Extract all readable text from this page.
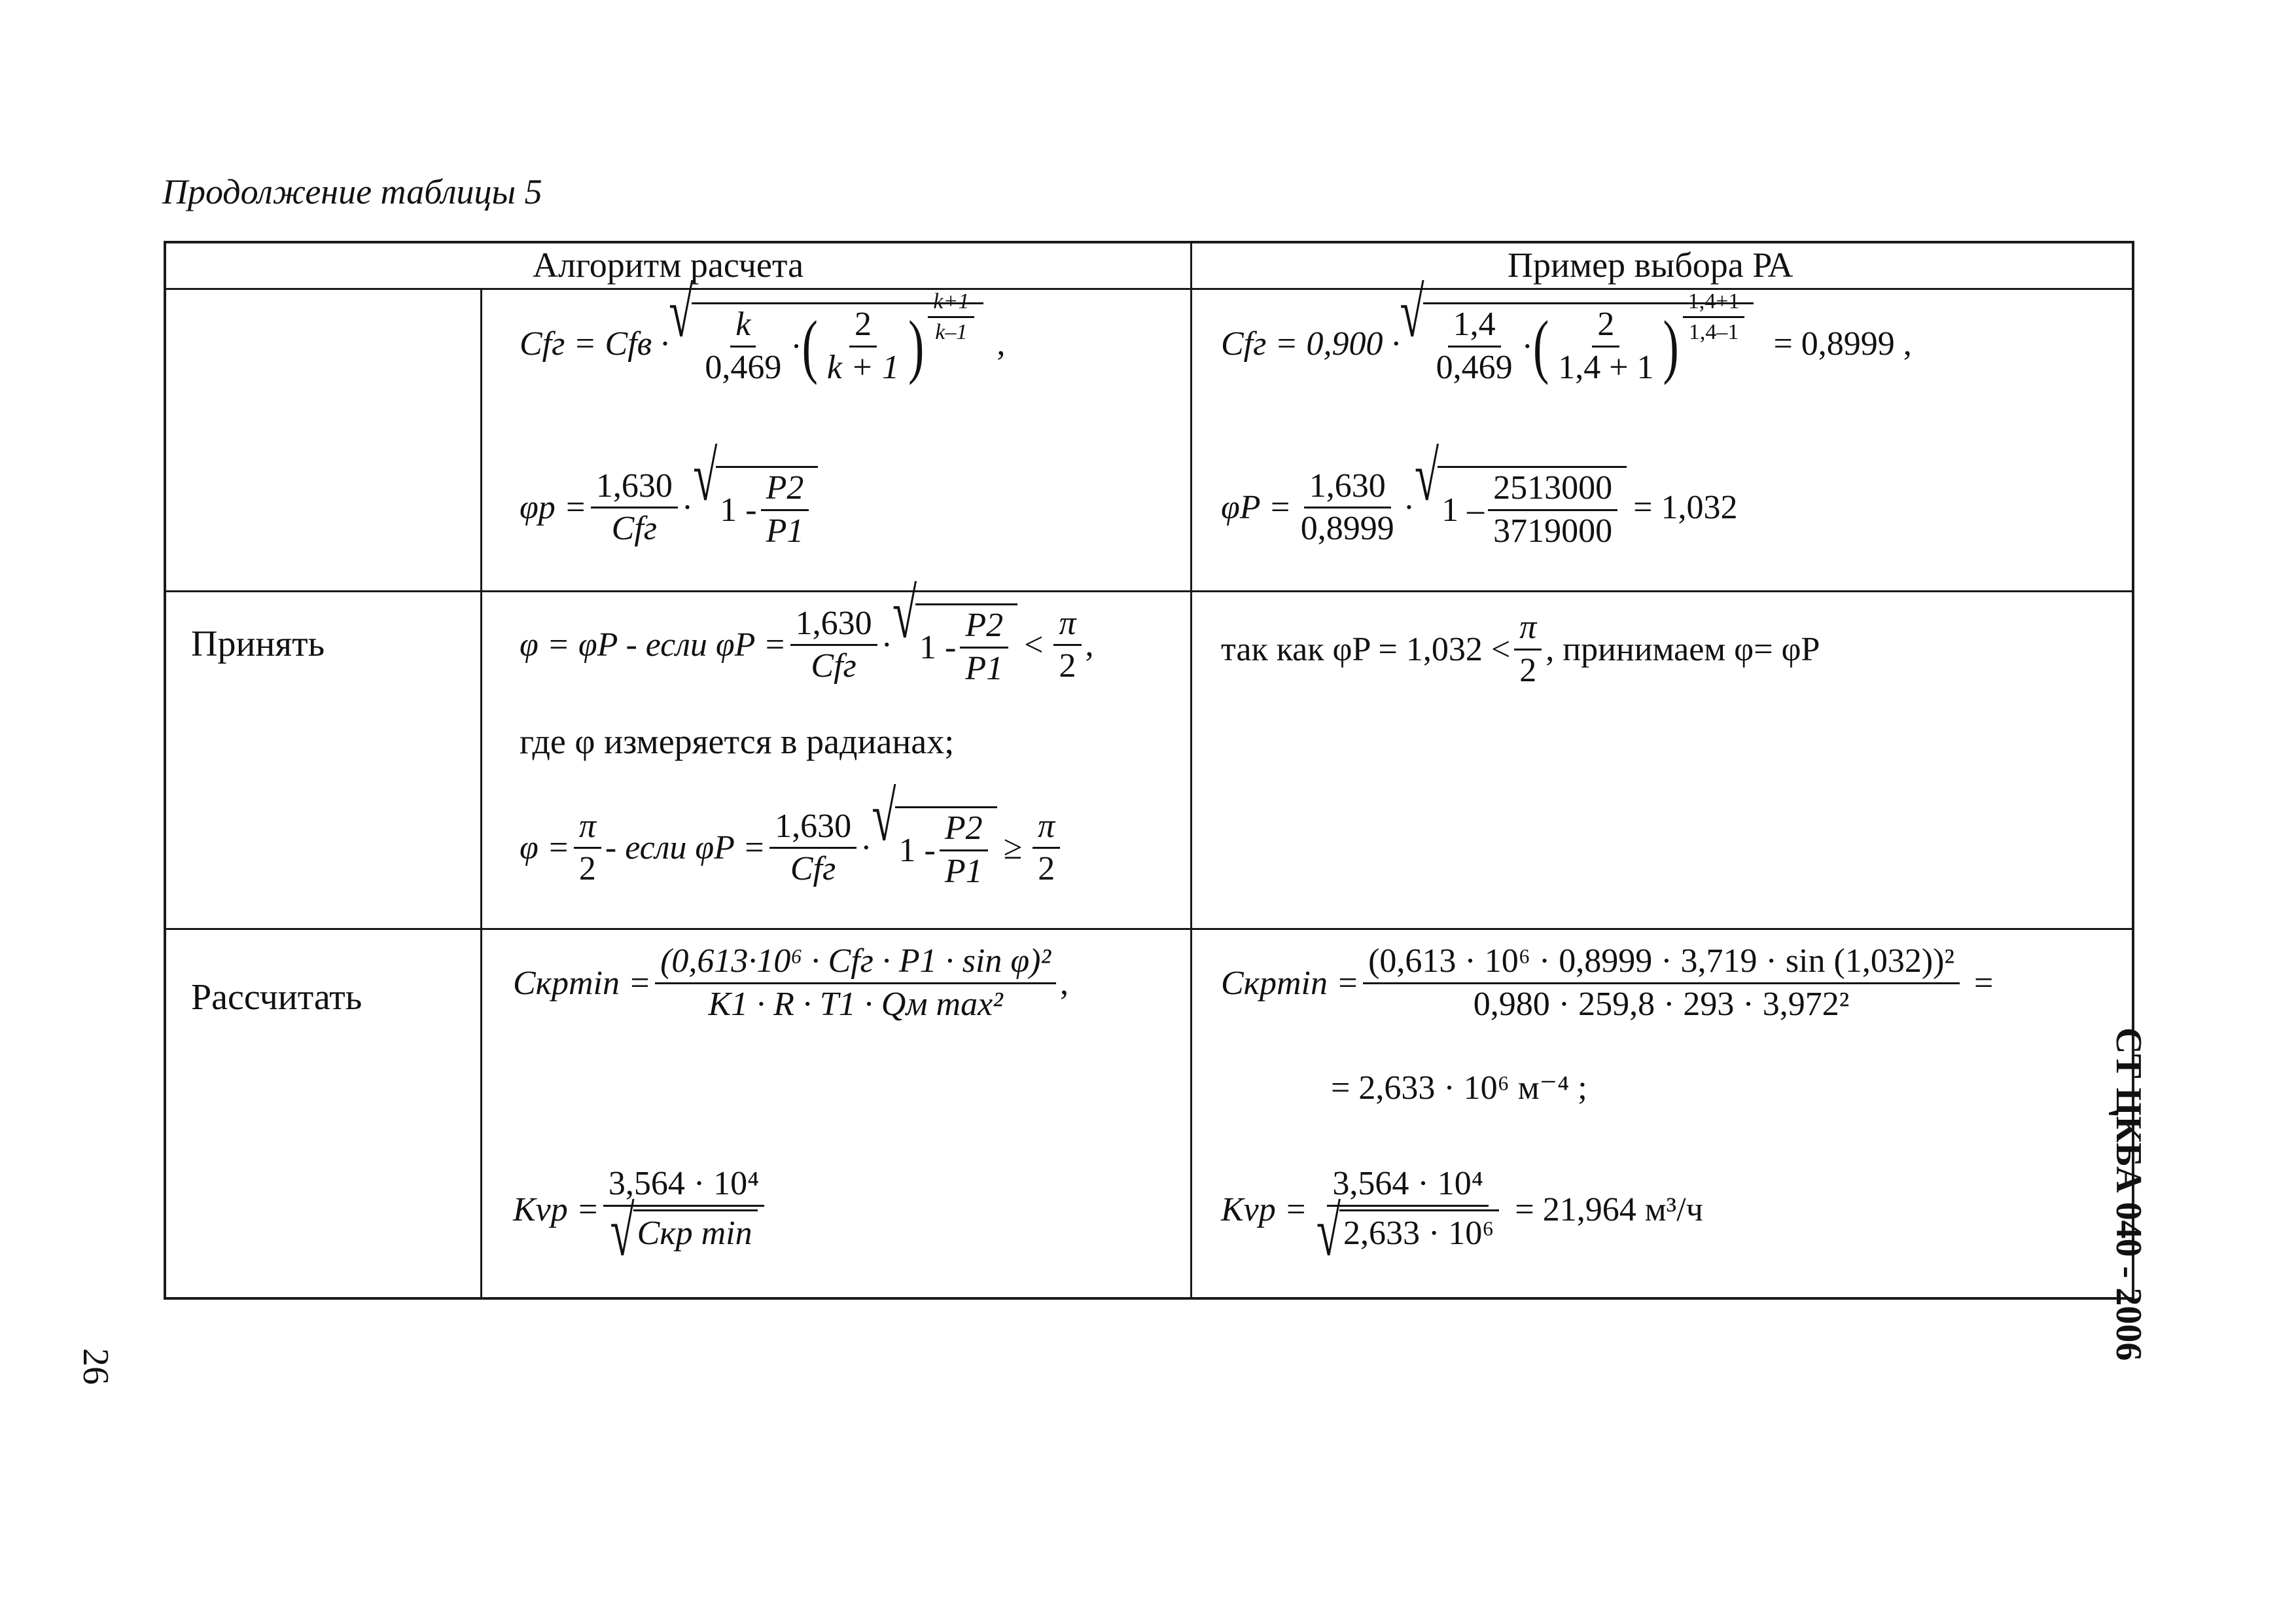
Продолжение таблицы 5
Алгоритм расчета	Пример выбора РА
Принять
Рассчитать
Cfг = Cfв · √ $\frac{k}{0,469}$ · ( $\frac{2}{k + 1}$ ) $\frac{k+1}{k-1}$
,
$\varphi p = \frac{1,630}{\text{Cfг}}$ · √ $1 - \frac{P2}{P1}$
Cfг = 0,900 · √ $\frac{1,4}{0,469}$ · ( $\frac{2}{1,4 + 1}$ ) $\frac{1,4+1}{1,4-1}$
= 0,8999 ,
$\varphi P = \frac{1,630}{0,8999}$ · √ $1 - \frac{2513000}{3719000} = 1,032$
φ = φP - если $\varphi P = \frac{1,630}{\text{Cfг}}$ · √ $1 - \frac{P2}{P1} < \frac{\pi}{2}$ ,
где φ измеряется в радианах;
$\varphi = \frac{\pi}{2}$ - если $\varphi P = \frac{1,630}{\text{Cfг}}$ · √ $1 - \frac{P2}{P1} \ge \frac{\pi}{2}$
так как $\varphi P = 1,032 < \frac{\pi}{2}$ , принимаем φ= φP
$Cкpmin = \frac{\text{(0,613·10⁶ · Cfг · P1 · sin φ)²}}{\text{K1 · R · T1 · Qм max²}}$ ,
Kvp = $\frac{\text{3,564 · 10⁴}}{\text{√ Cкp min}}$
$Cкpmin = \frac{\text{(0,613 · 10⁶ · 0,8999 · 3,719 · sin (1,032))²}}{\text{0,980 · 259,8 · 293 · 3,972²}}$ =
= 2,633 · 10⁶ м⁻⁴ ;
Kvp = $\frac{\text{3,564 · 10⁴}}{\text{√ 2,633 · 10⁶}} = 21,964$ м³/ч	СТ ЦКБА 040 - 2006
26
